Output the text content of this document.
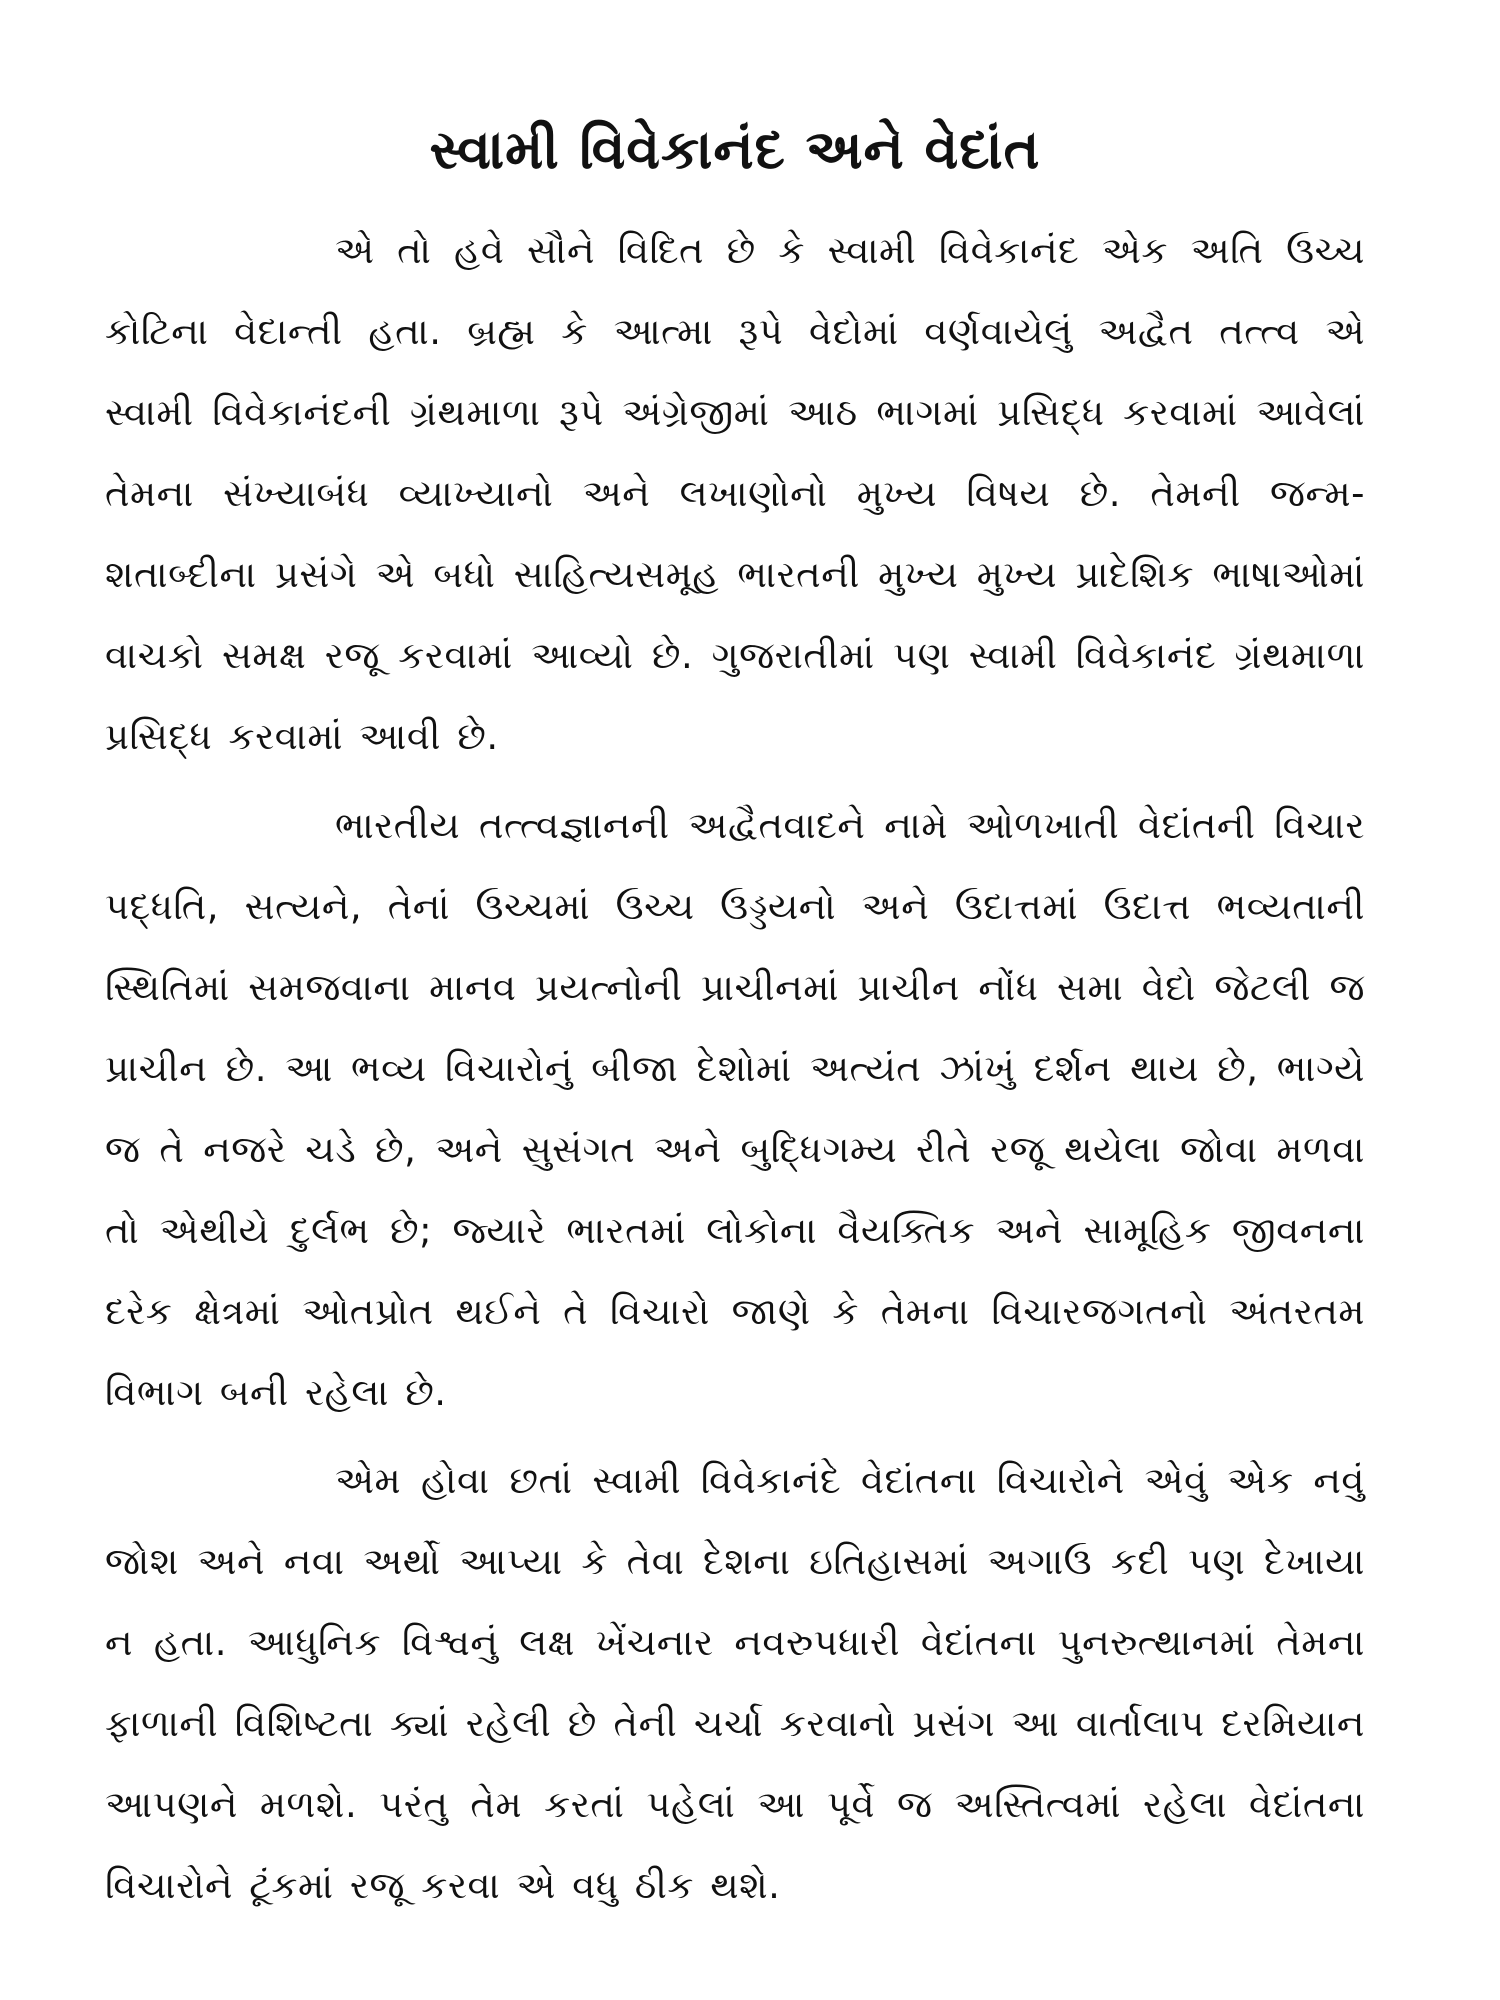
સ્વામી વિવેકાનંદ અને વેદાંત

એ તો હવે સૌને વિદિત છે કે સ્વામી વિવેકાનંદ એક અતિ ઉચ્ચ કોટિના વેદાન્તી હતા. બ્રહ્મ કે આત્મા રૂપે વેદોમાં વર્ણવાયેલું અદ્વૈત તત્ત્વ એ સ્વામી વિવેકાનંદની ગ્રંથમાળા રૂપે અંગ્રેજીમાં આઠ ભાગમાં પ્રસિદ્ધ કરવામાં આવેલાં તેમના સંખ્યાબંધ વ્યાખ્યાનો અને લખાણોનો મુખ્ય વિષય છે. તેમની જન્મ-શતાબ્દીના પ્રસંગે એ બધો સાહિત્યસમૂહ ભારતની મુખ્ય મુખ્ય પ્રાદેશિક ભાષાઓમાં વાચકો સમક્ષ રજૂ કરવામાં આવ્યો છે. ગુજરાતીમાં પણ સ્વામી વિવેકાનંદ ગ્રંથમાળા પ્રસિદ્ધ કરવામાં આવી છે.

ભારતીય તત્ત્વજ્ઞાનની અદ્વૈતવાદને નામે ઓળખાતી વેદાંતની વિચાર પદ્ધતિ, સત્યને, તેનાં ઉચ્ચમાં ઉચ્ચ ઉડ્ડયનો અને ઉદાત્તમાં ઉદાત્ત ભવ્યતાની સ્થિતિમાં સમજવાના માનવ પ્રયત્નોની પ્રાચીનમાં પ્રાચીન નોંધ સમા વેદો જેટલી જ પ્રાચીન છે. આ ભવ્ય વિચારોનું બીજા દેશોમાં અત્યંત ઝાંખું દર્શન થાય છે, ભાગ્યે જ તે નજરે ચડે છે, અને સુસંગત અને બુદ્ધિગમ્ય રીતે રજૂ થયેલા જોવા મળવા તો એથીયે દુર્લભ છે; જ્યારે ભારતમાં લોકોના વૈયક્તિક અને સામૂહિક જીવનના દરેક ક્ષેત્રમાં ઓતપ્રોત થઈને તે વિચારો જાણે કે તેમના વિચારજગતનો અંતરતમ વિભાગ બની રહેલા છે.

એમ હોવા છતાં સ્વામી વિવેકાનંદે વેદાંતના વિચારોને એવું એક નવું જોશ અને નવા અર્થો આપ્યા કે તેવા દેશના ઇતિહાસમાં અગાઉ કદી પણ દેખાયા ન હતા. આધુનિક વિશ્વનું લક્ષ ખેંચનાર નવરુપધારી વેદાંતના પુનરુત્થાનમાં તેમના ફાળાની વિશિષ્ટતા ક્યાં રહેલી છે તેની ચર્ચા કરવાનો પ્રસંગ આ વાર્તાલાપ દરમિયાન આપણને મળશે. પરંતુ તેમ કરતાં પહેલાં આ પૂર્વે જ અસ્તિત્વમાં રહેલા વેદાંતના વિચારોને ટૂંકમાં રજૂ કરવા એ વધુ ઠીક થશે.
